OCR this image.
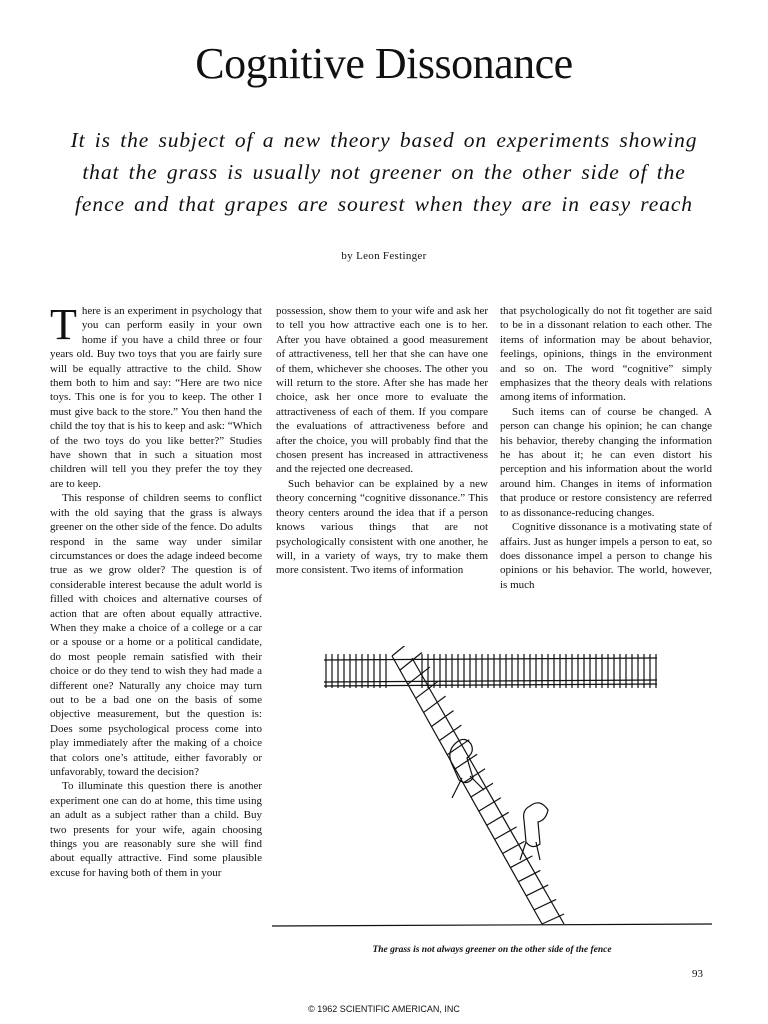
Cognitive Dissonance
It is the subject of a new theory based on experiments showing that the grass is usually not greener on the other side of the fence and that grapes are sourest when they are in easy reach
by Leon Festinger

There is an experiment in psychology that you can perform easily in your own home if you have a child three or four years old. Buy two toys that you are fairly sure will be equally attractive to the child. Show them both to him and say: “Here are two nice toys. This one is for you to keep. The other I must give back to the store.” You then hand the child the toy that is his to keep and ask: “Which of the two toys do you like better?” Studies have shown that in such a situation most children will tell you they prefer the toy they are to keep.

This response of children seems to conflict with the old saying that the grass is always greener on the other side of the fence. Do adults respond in the same way under similar circumstances or does the adage indeed become true as we grow older? The question is of considerable interest because the adult world is filled with choices and alternative courses of action that are often about equally attractive. When they make a choice of a college or a car or a spouse or a home or a political candidate, do most people remain satisfied with their choice or do they tend to wish they had made a different one? Naturally any choice may turn out to be a bad one on the basis of some objective measurement, but the question is: Does some psychological process come into play immediately after the making of a choice that colors one’s attitude, either favorably or unfavorably, toward the decision?

To illuminate this question there is another experiment one can do at home, this time using an adult as a subject rather than a child. Buy two presents for your wife, again choosing things you are reasonably sure she will find about equally attractive. Find some plausible excuse for having both of them in your

possession, show them to your wife and ask her to tell you how attractive each one is to her. After you have obtained a good measurement of attractiveness, tell her that she can have one of them, whichever she chooses. The other you will return to the store. After she has made her choice, ask her once more to evaluate the attractiveness of each of them. If you compare the evaluations of attractiveness before and after the choice, you will probably find that the chosen present has increased in attractiveness and the rejected one decreased.

Such behavior can be explained by a new theory concerning “cognitive dissonance.” This theory centers around the idea that if a person knows various things that are not psychologically consistent with one another, he will, in a variety of ways, try to make them more consistent. Two items of information

that psychologically do not fit together are said to be in a dissonant relation to each other. The items of information may be about behavior, feelings, opinions, things in the environment and so on. The word “cognitive” simply emphasizes that the theory deals with relations among items of information.

Such items can of course be changed. A person can change his opinion; he can change his behavior, thereby changing the information he has about it; he can even distort his perception and his information about the world around him. Changes in items of information that produce or restore consistency are referred to as dissonance-reducing changes.

Cognitive dissonance is a motivating state of affairs. Just as hunger impels a person to eat, so does dissonance impel a person to change his opinions or his behavior. The world, however, is much

The grass is not always greener on the other side of the fence
93
© 1962 SCIENTIFIC AMERICAN, INC
